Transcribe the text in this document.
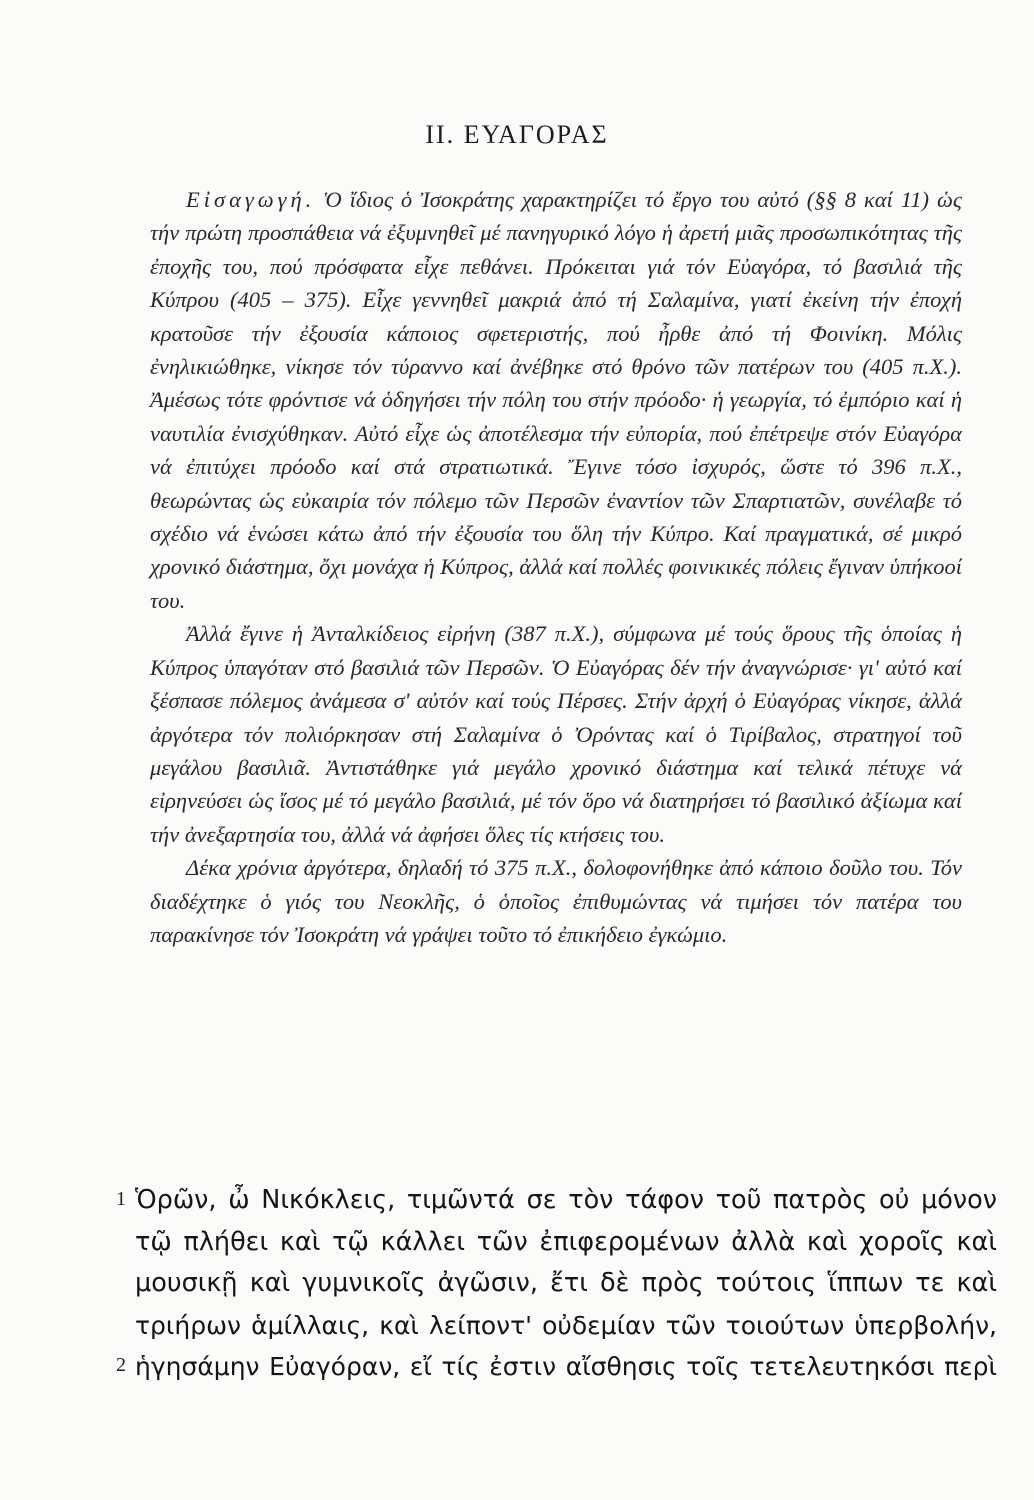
II. ΕΥΑΓΟΡΑΣ

Εἰσαγωγή. Ὁ ἴδιος ὁ Ἰσοκράτης χαρακτηρίζει τό ἔργο του αὐτό (§§ 8 καί 11) ὡς τήν πρώτη προσπάθεια νά ἐξυμνηθεῖ μέ πανηγυρικό λόγο ἡ ἀρετή μιᾶς προσωπικότητας τῆς ἐποχῆς του, πού πρόσφατα εἶχε πεθάνει. Πρόκειται γιά τόν Εὐαγόρα, τό βασιλιά τῆς Κύπρου (405 – 375). Εἶχε γεννηθεῖ μακριά ἀπό τή Σαλαμίνα, γιατί ἐκείνη τήν ἐποχή κρατοῦσε τήν ἐξουσία κάποιος σφετεριστής, πού ἦρθε ἀπό τή Φοινίκη. Μόλις ἐνηλικιώθηκε, νίκησε τόν τύραννο καί ἀνέβηκε στό θρόνο τῶν πατέρων του (405 π.Χ.). Ἀμέσως τότε φρόντισε νά ὁδηγήσει τήν πόλη του στήν πρόοδο· ἡ γεωργία, τό ἐμπόριο καί ἡ ναυτιλία ἐνισχύθηκαν. Αὐτό εἶχε ὡς ἀποτέλεσμα τήν εὐπορία, πού ἐπέτρεψε στόν Εὐαγόρα νά ἐπιτύχει πρόοδο καί στά στρατιωτικά. Ἔγινε τόσο ἰσχυρός, ὥστε τό 396 π.Χ., θεωρώντας ὡς εὐκαιρία τόν πόλεμο τῶν Περσῶν ἐναντίον τῶν Σπαρτιατῶν, συνέλαβε τό σχέδιο νά ἑνώσει κάτω ἀπό τήν ἐξουσία του ὅλη τήν Κύπρο. Καί πραγματικά, σέ μικρό χρονικό διάστημα, ὄχι μονάχα ἡ Κύπρος, ἀλλά καί πολλές φοινικικές πόλεις ἔγιναν ὑπήκοοί του.

Ἀλλά ἔγινε ἡ Ἀνταλκίδειος εἰρήνη (387 π.Χ.), σύμφωνα μέ τούς ὅρους τῆς ὁποίας ἡ Κύπρος ὑπαγόταν στό βασιλιά τῶν Περσῶν. Ὁ Εὐαγόρας δέν τήν ἀναγνώρισε· γι' αὐτό καί ξέσπασε πόλεμος ἀνάμεσα σ' αὐτόν καί τούς Πέρσες. Στήν ἀρχή ὁ Εὐαγόρας νίκησε, ἀλλά ἀργότερα τόν πολιόρκησαν στή Σαλαμίνα ὁ Ὀρόντας καί ὁ Τιρίβαλος, στρατηγοί τοῦ μεγάλου βασιλιᾶ. Ἀντιστάθηκε γιά μεγάλο χρονικό διάστημα καί τελικά πέτυχε νά εἰρηνεύσει ὡς ἴσος μέ τό μεγάλο βασιλιά, μέ τόν ὅρο νά διατηρήσει τό βασιλικό ἀξίωμα καί τήν ἀνεξαρτησία του, ἀλλά νά ἀφήσει ὅλες τίς κτήσεις του.

Δέκα χρόνια ἀργότερα, δηλαδή τό 375 π.Χ., δολοφονήθηκε ἀπό κάποιο δοῦλο του. Τόν διαδέχτηκε ὁ γιός του Νεοκλῆς, ὁ ὁποῖος ἐπιθυμώντας νά τιμήσει τόν πατέρα του παρακίνησε τόν Ἰσοκράτη νά γράψει τοῦτο τό ἐπικήδειο ἐγκώμιο.

1
2
Ὁρῶν, ὦ Νικόκλεις, τιμῶντά σε τὸν τάφον τοῦ πατρὸς οὐ μόνον
τῷ πλήθει καὶ τῷ κάλλει τῶν ἐπιφερομένων ἀλλὰ καὶ χοροῖς καὶ
μουσικῇ καὶ γυμνικοῖς ἀγῶσιν, ἔτι δὲ πρὸς τούτοις ἵππων τε καὶ
τριήρων ἁμίλλαις, καὶ λείποντ' οὐδεμίαν τῶν τοιούτων ὑπερβολήν,
ἡγησάμην Εὐαγόραν, εἴ τίς ἐστιν αἴσθησις τοῖς τετελευτηκόσι περὶ
